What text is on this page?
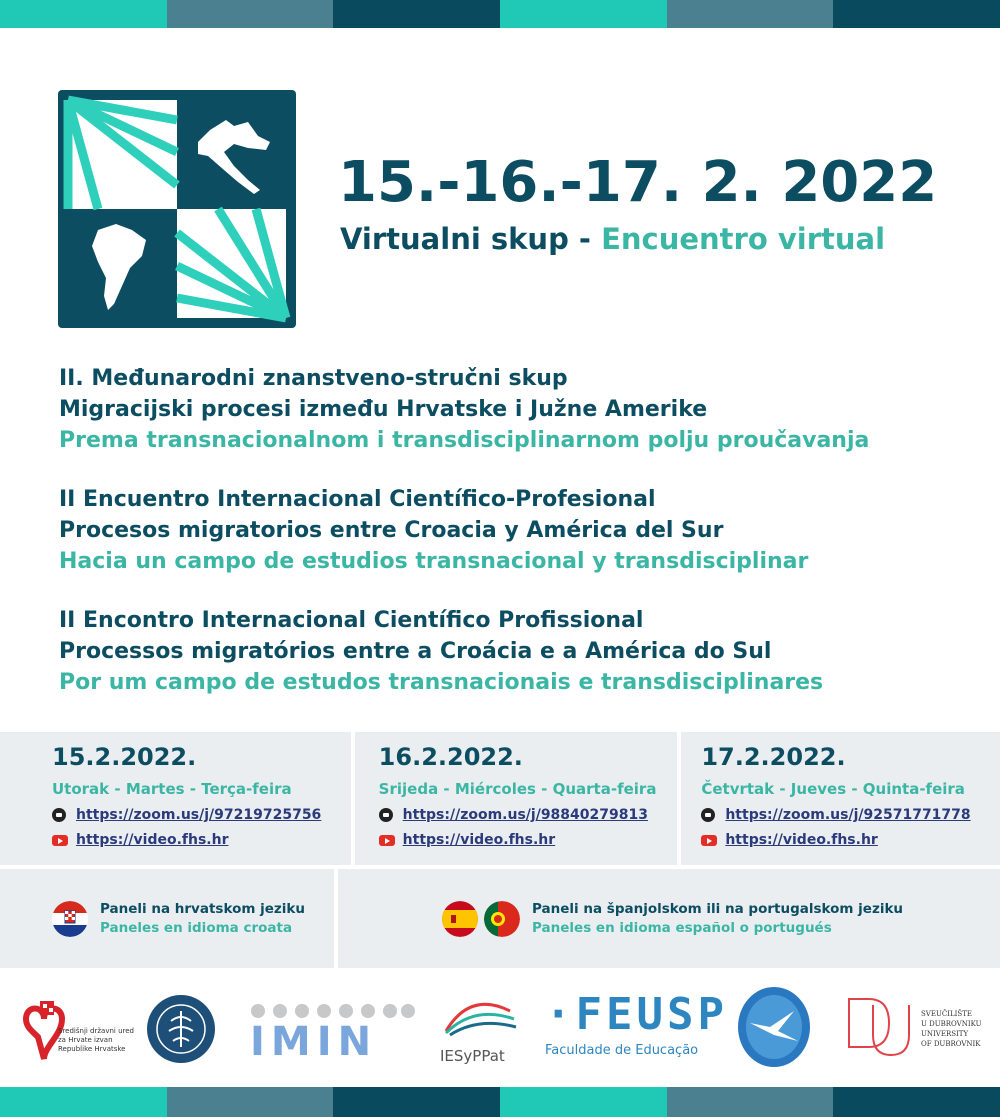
15.-16.-17. 2. 2022
Virtualni skup - Encuentro virtual
II. Međunarodni znanstveno-stručni skup
Migracijski procesi između Hrvatske i Južne Amerike
Prema transnacionalnom i transdisciplinarnom polju proučavanja
II Encuentro Internacional Científico-Profesional
Procesos migratorios entre Croacia y América del Sur
Hacia un campo de estudios transnacional y transdisciplinar
II Encontro Internacional Científico Profissional
Processos migratórios entre a Croácia e a América do Sul
Por um campo de estudos transnacionais e transdisciplinares
15.2.2022.
Utorak - Martes - Terça-feira
https://zoom.us/j/97219725756
https://video.fhs.hr
16.2.2022.
Srijeda - Miércoles - Quarta-feira
https://zoom.us/j/98840279813
https://video.fhs.hr
17.2.2022.
Četvrtak - Jueves - Quinta-feira
https://zoom.us/j/92571771778
https://video.fhs.hr
Paneli na hrvatskom jeziku
Paneles en idioma croata
Paneli na španjolskom ili na portugalskom jeziku
Paneles en idioma español o portugués
Središnji državni ured
za Hrvate izvan
Republike Hrvatske	IMIN	IESyPPat
·FEUSP
Faculdade de Educação
SVEUČILIŠTE
U DUBROVNIKU
UNIVERSITY
OF DUBROVNIK
